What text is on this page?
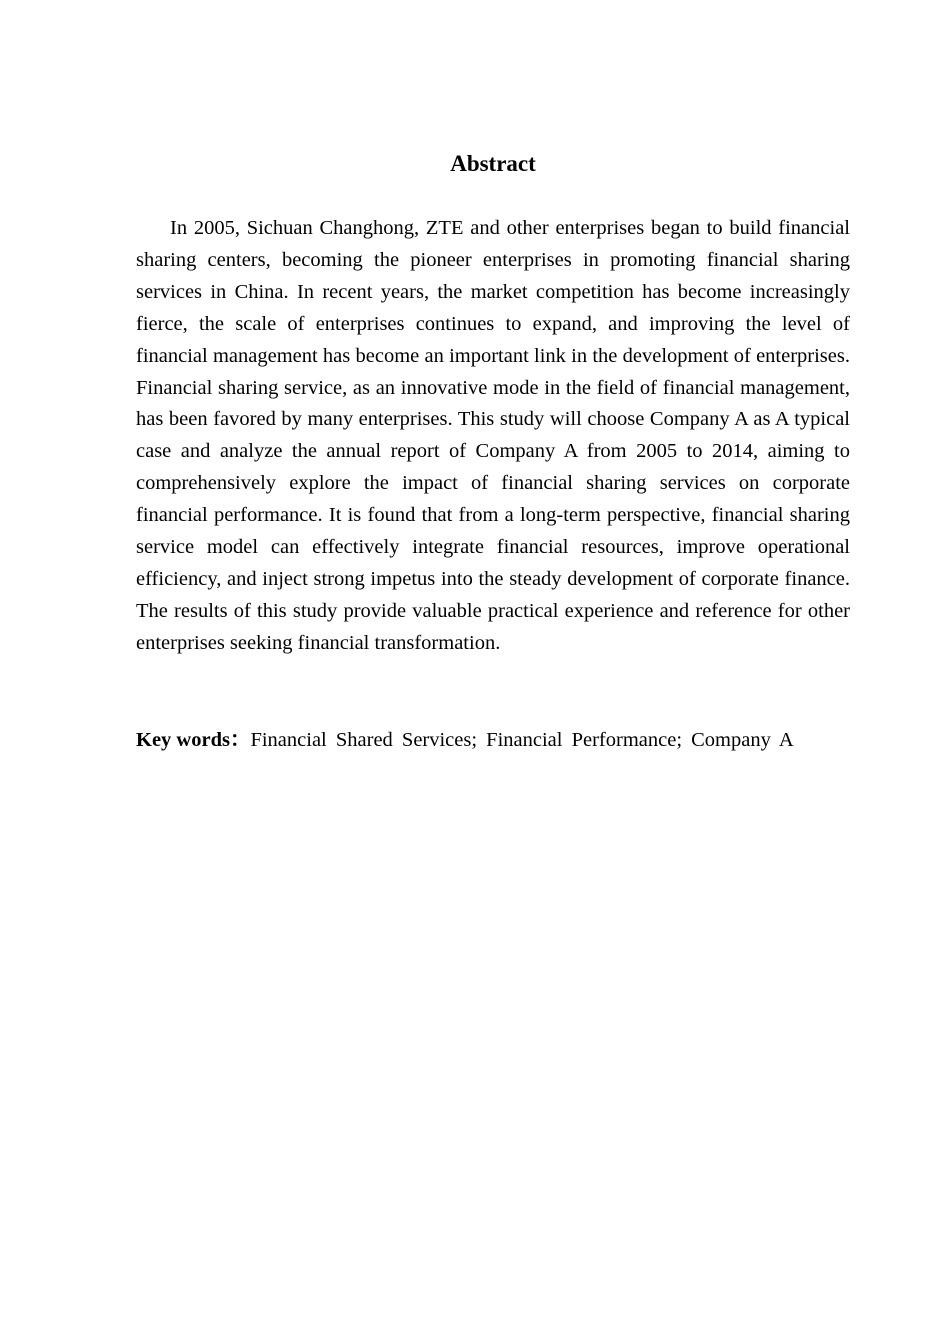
Abstract

In 2005, Sichuan Changhong, ZTE and other enterprises began to build financial sharing centers, becoming the pioneer enterprises in promoting financial sharing services in China. In recent years, the market competition has become increasingly fierce, the scale of enterprises continues to expand, and improving the level of financial management has become an important link in the development of enterprises. Financial sharing service, as an innovative mode in the field of financial management, has been favored by many enterprises. This study will choose Company A as A typical case and analyze the annual report of Company A from 2005 to 2014, aiming to comprehensively explore the impact of financial sharing services on corporate financial performance. It is found that from a long-term perspective, financial sharing service model can effectively integrate financial resources, improve operational efficiency, and inject strong impetus into the steady development of corporate finance. The results of this study provide valuable practical experience and reference for other enterprises seeking financial transformation.

Key words：Financial Shared Services; Financial Performance; Company A
